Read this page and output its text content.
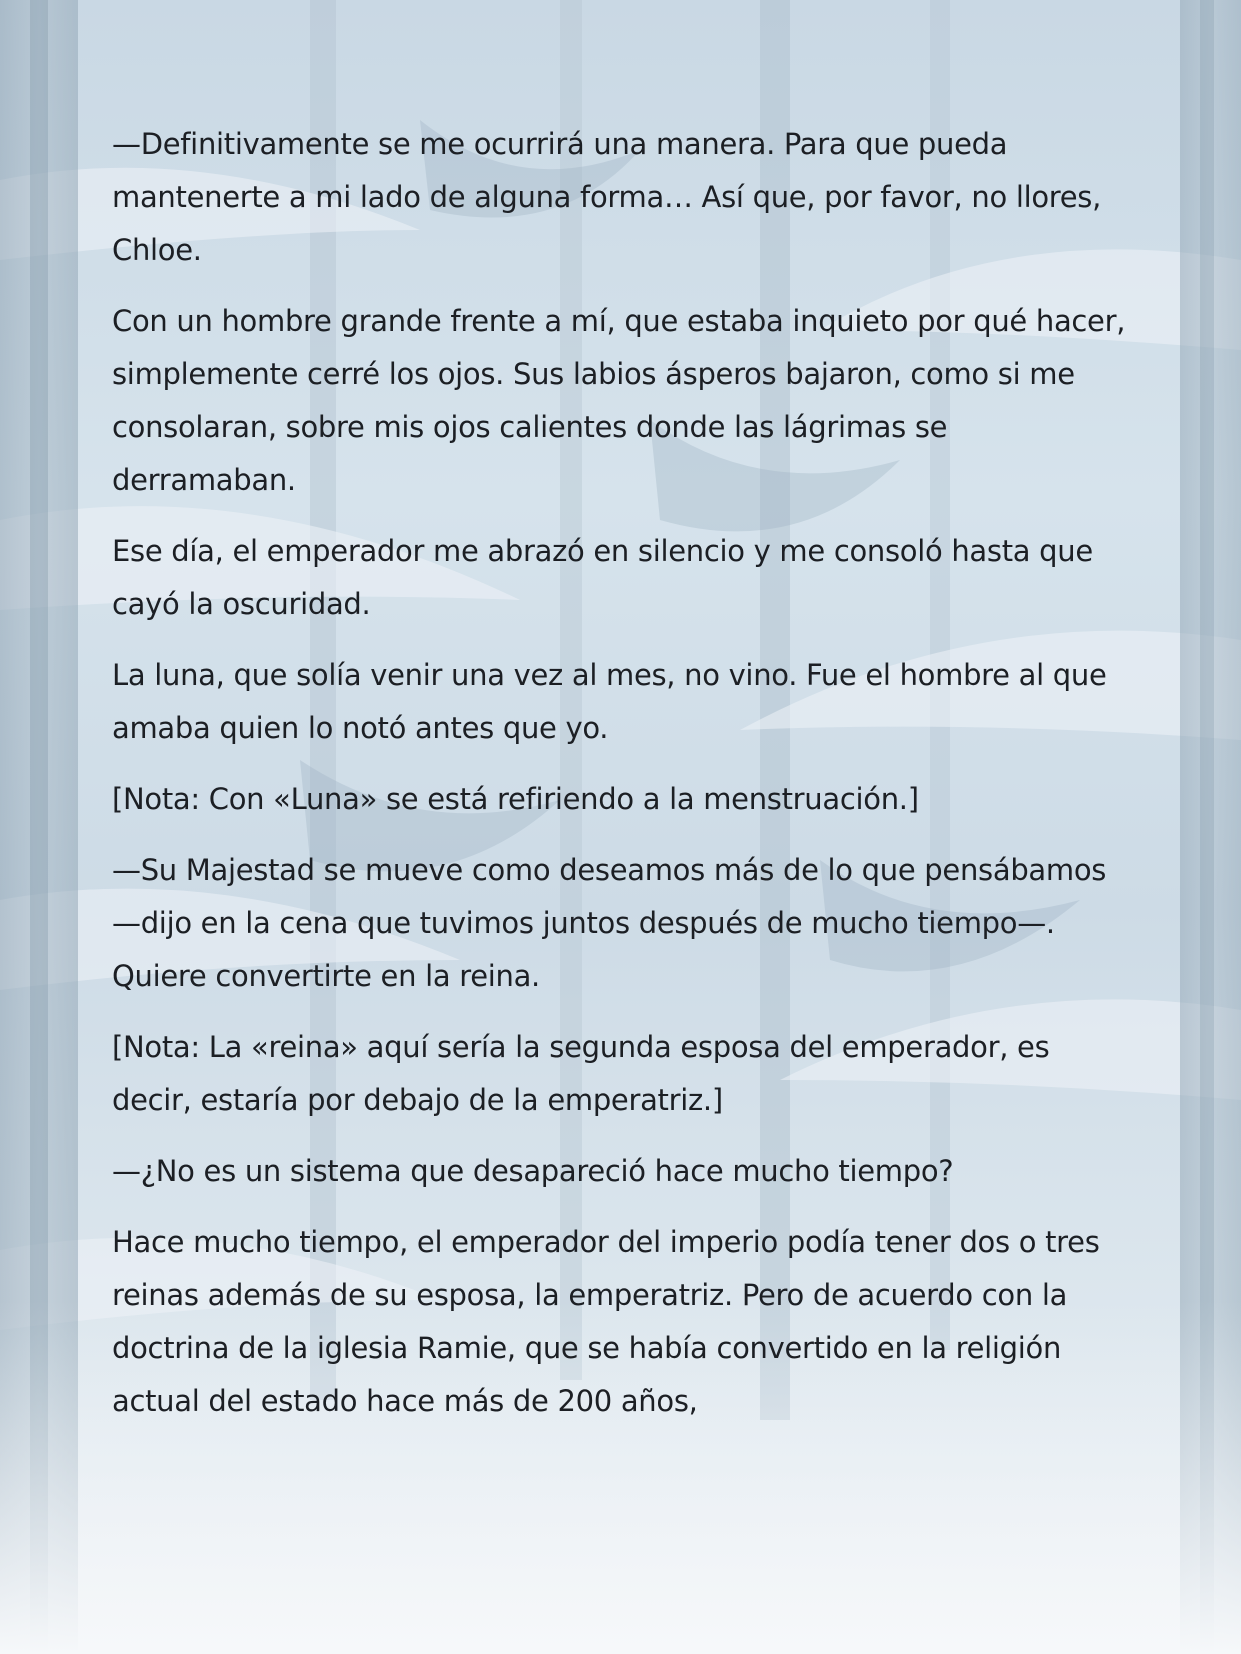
—Definitivamente se me ocurrirá una manera. Para que pueda mantenerte a mi lado de alguna forma… Así que, por favor, no llores, Chloe.

Con un hombre grande frente a mí, que estaba inquieto por qué hacer, simplemente cerré los ojos. Sus labios ásperos bajaron, como si me consolaran, sobre mis ojos calientes donde las lágrimas se derramaban.

Ese día, el emperador me abrazó en silencio y me consoló hasta que cayó la oscuridad.

La luna, que solía venir una vez al mes, no vino. Fue el hombre al que amaba quien lo notó antes que yo.

[Nota: Con «Luna» se está refiriendo a la menstruación.]

—Su Majestad se mueve como deseamos más de lo que pensábamos —dijo en la cena que tuvimos juntos después de mucho tiempo—. Quiere convertirte en la reina.

[Nota: La «reina» aquí sería la segunda esposa del emperador, es decir, estaría por debajo de la emperatriz.]

—¿No es un sistema que desapareció hace mucho tiempo?

Hace mucho tiempo, el emperador del imperio podía tener dos o tres reinas además de su esposa, la emperatriz. Pero de acuerdo con la doctrina de la iglesia Ramie, que se había convertido en la religión actual del estado hace más de 200 años,
